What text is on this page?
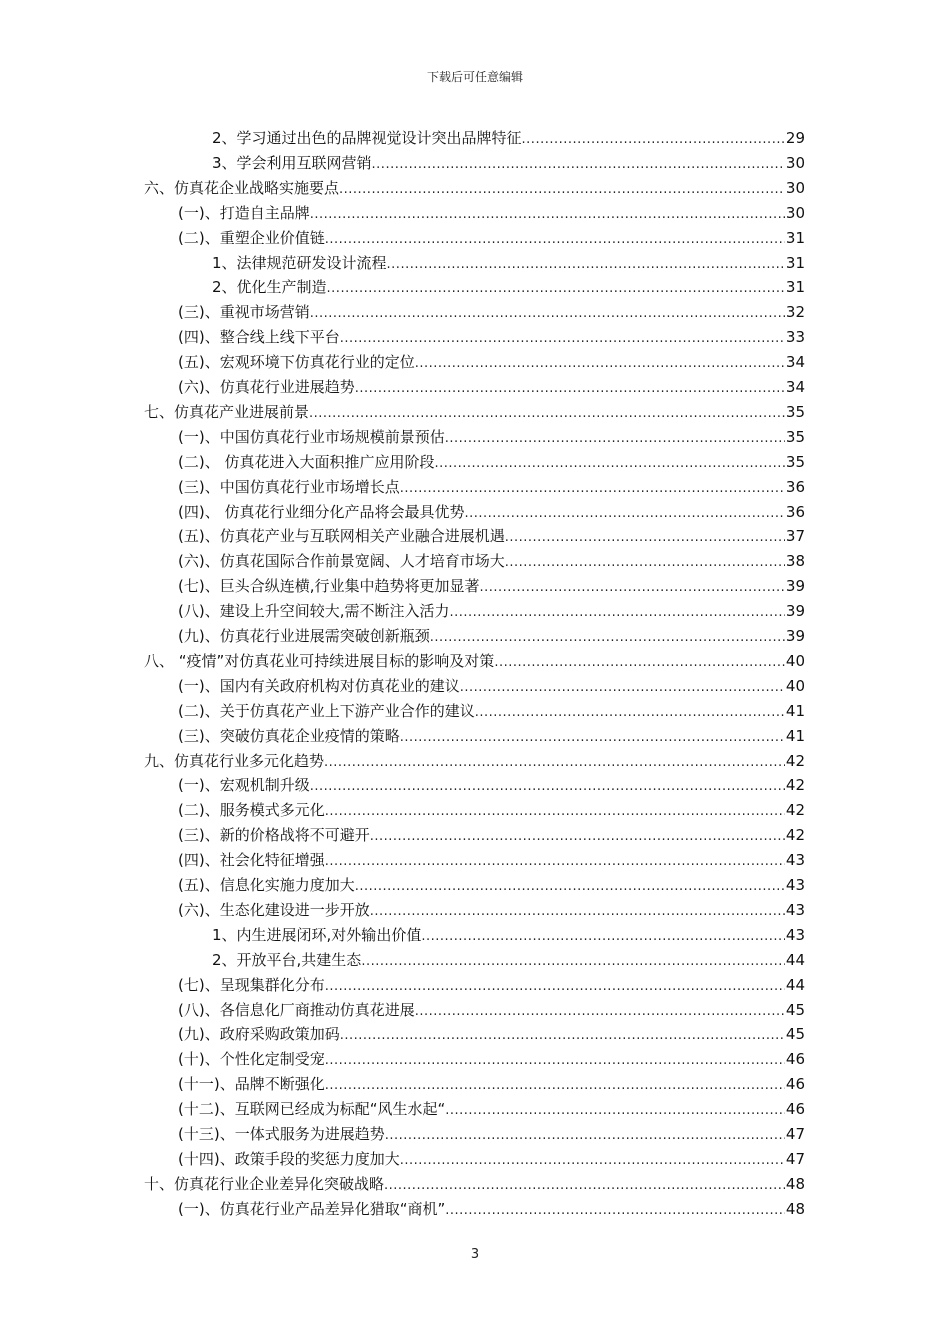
下载后可任意编辑
2、学习通过出色的品牌视觉设计突出品牌特征 .....	29
3、学会利用互联网营销 .....	30
六、仿真花企业战略实施要点 .....	30
(一)、打造自主品牌 .....	30
(二)、重塑企业价值链 .....	31
1、法律规范研发设计流程 .....	31
2、优化生产制造 .....	31
(三)、重视市场营销 .....	32
(四)、整合线上线下平台 .....	33
(五)、宏观环境下仿真花行业的定位 .....	34
(六)、仿真花行业进展趋势 .....	34
七、仿真花产业进展前景 .....	35
(一)、中国仿真花行业市场规模前景预估 .....	35
(二)、 仿真花进入大面积推广应用阶段 .....	35
(三)、中国仿真花行业市场增长点 .....	36
(四)、 仿真花行业细分化产品将会最具优势 .....	36
(五)、仿真花产业与互联网相关产业融合进展机遇 .....	37
(六)、仿真花国际合作前景宽阔、人才培育市场大 .....	38
(七)、巨头合纵连横,行业集中趋势将更加显著 .....	39
(八)、建设上升空间较大,需不断注入活力 .....	39
(九)、仿真花行业进展需突破创新瓶颈 .....	39
八、 “疫情”对仿真花业可持续进展目标的影响及对策 .....	40
(一)、国内有关政府机构对仿真花业的建议 .....	40
(二)、关于仿真花产业上下游产业合作的建议 .....	41
(三)、突破仿真花企业疫情的策略 .....	41
九、仿真花行业多元化趋势 .....	42
(一)、宏观机制升级 .....	42
(二)、服务模式多元化 .....	42
(三)、新的价格战将不可避开 .....	42
(四)、社会化特征增强 .....	43
(五)、信息化实施力度加大 .....	43
(六)、生态化建设进一步开放 .....	43
1、内生进展闭环,对外输出价值 .....	43
2、开放平台,共建生态 .....	44
(七)、呈现集群化分布 .....	44
(八)、各信息化厂商推动仿真花进展 .....	45
(九)、政府采购政策加码 .....	45
(十)、个性化定制受宠 .....	46
(十一)、品牌不断强化 .....	46
(十二)、互联网已经成为标配“风生水起“ .....	46
(十三)、一体式服务为进展趋势 .....	47
(十四)、政策手段的奖惩力度加大 .....	47
十、仿真花行业企业差异化突破战略 .....	48
(一)、仿真花行业产品差异化猎取“商机” .....	48
3
